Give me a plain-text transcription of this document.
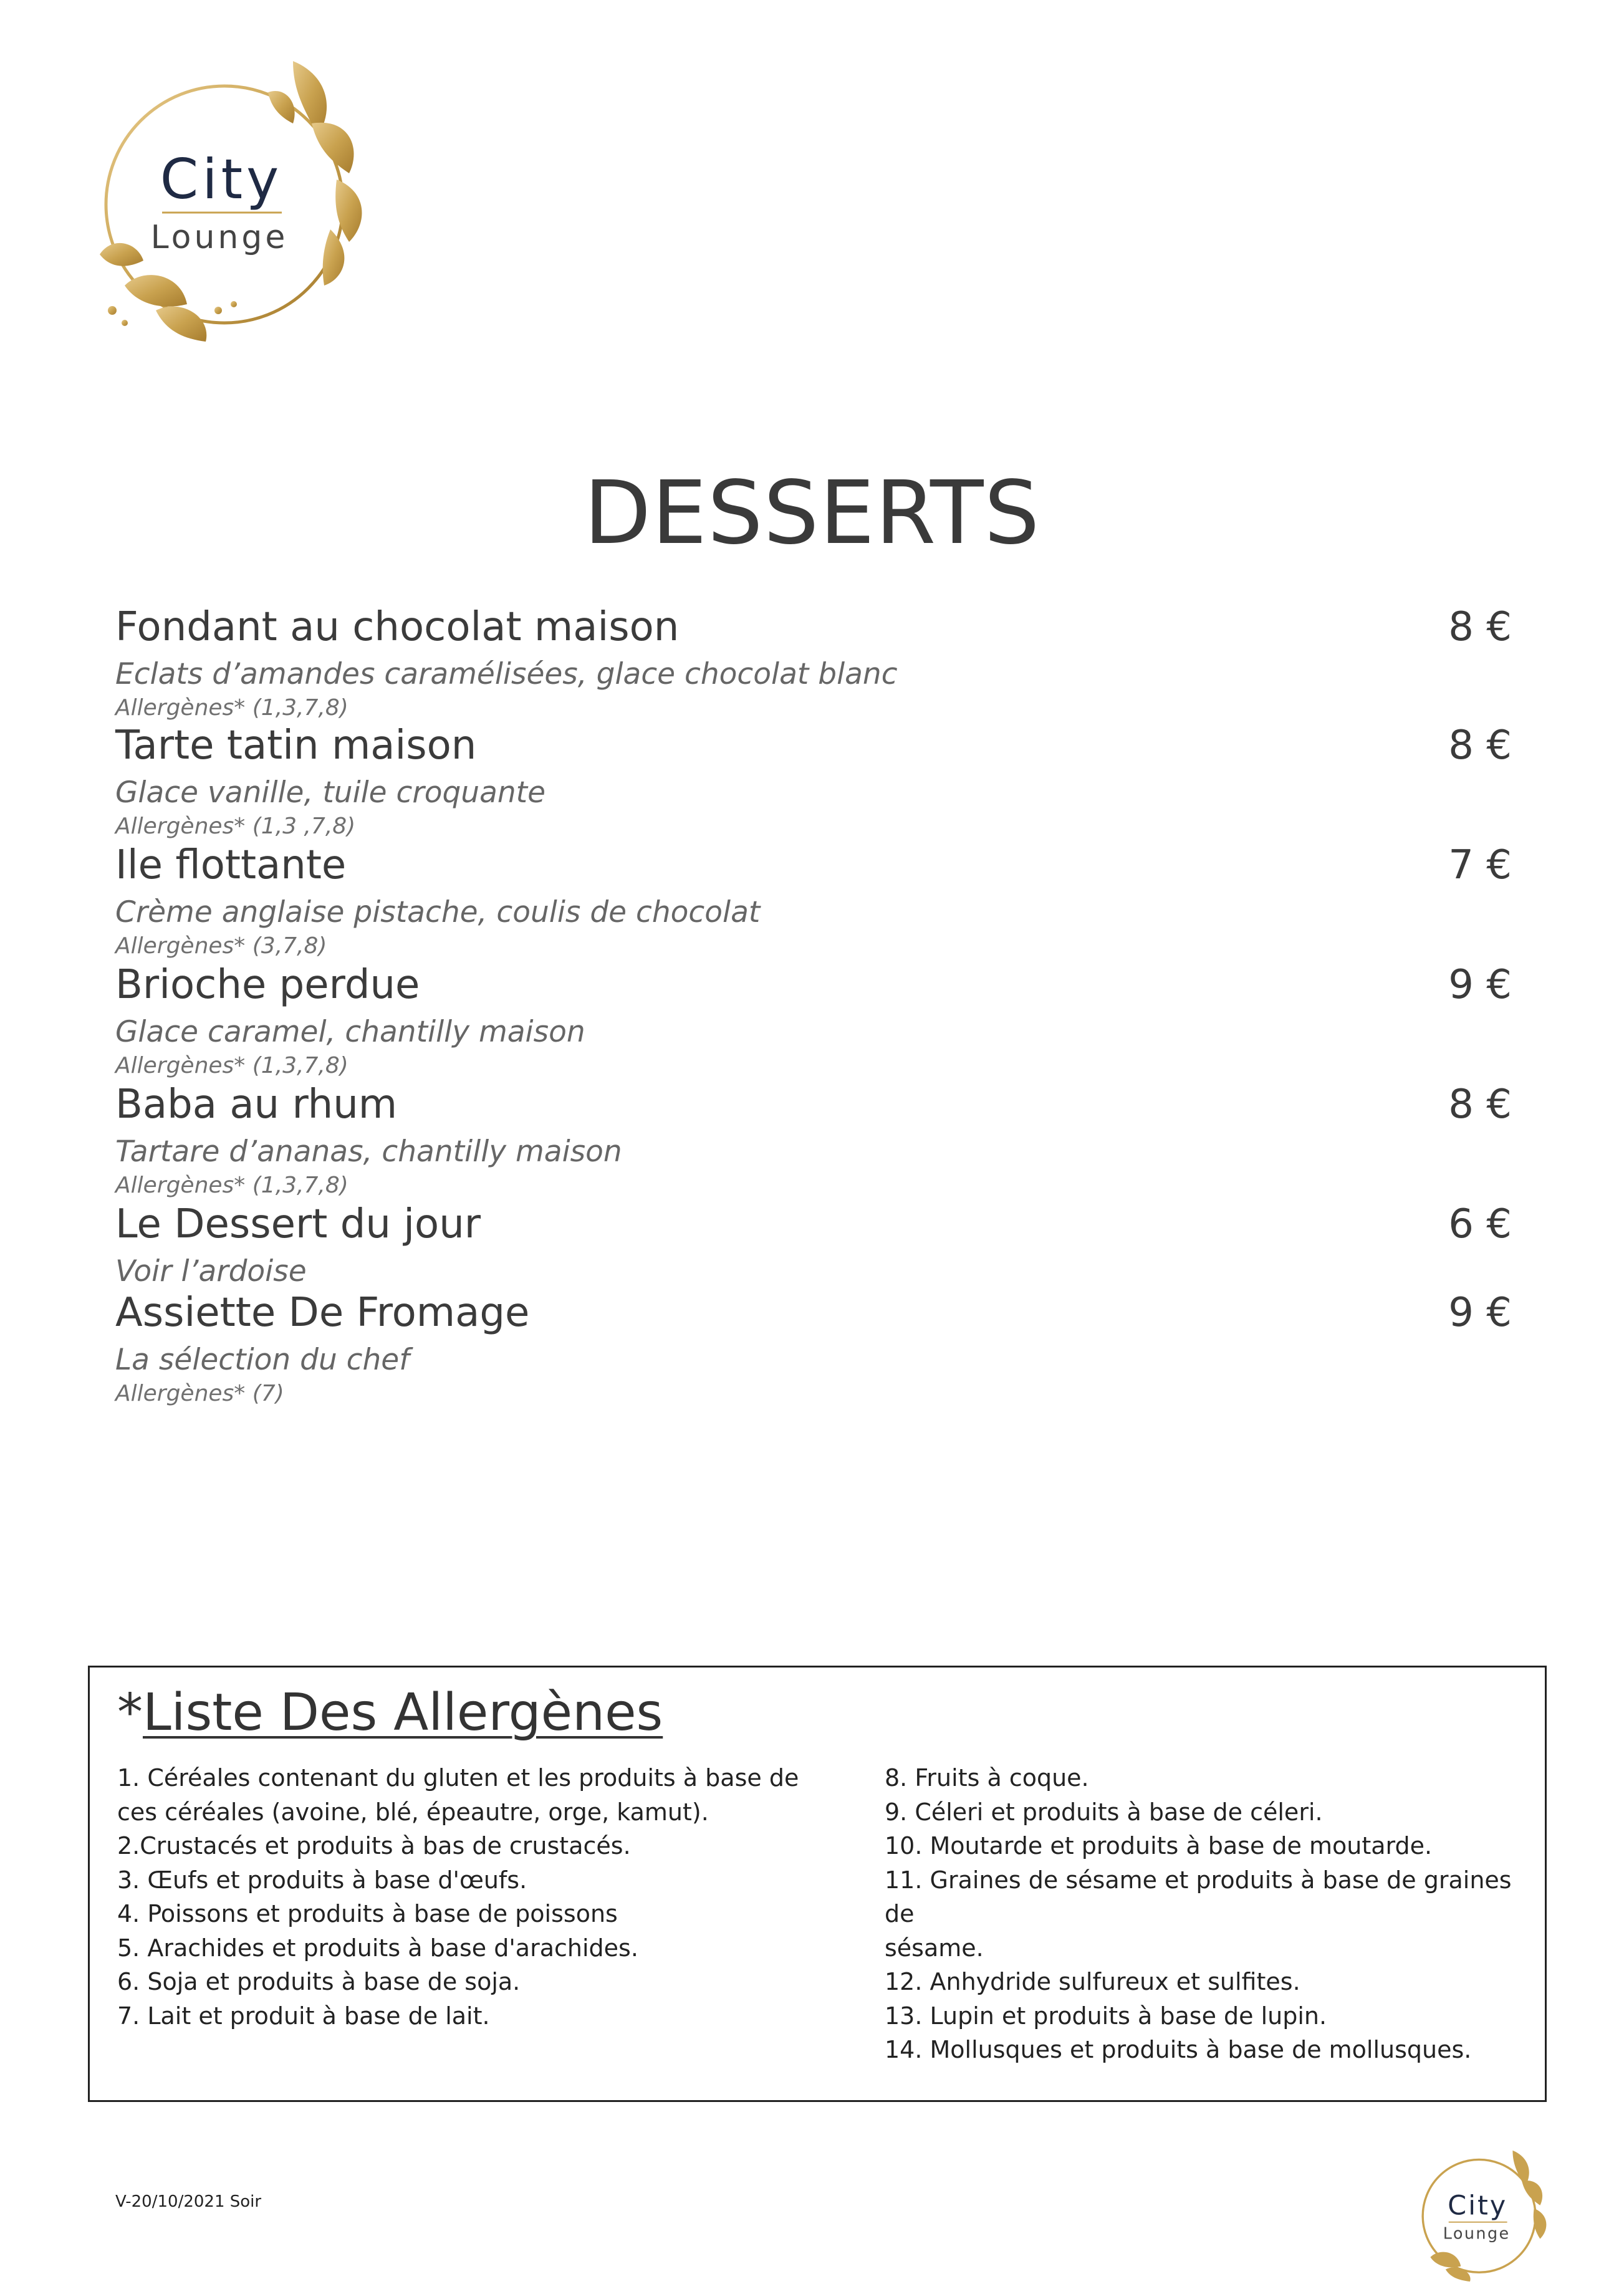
City
Lounge
DESSERTS
Fondant au chocolat maison	8 €
Eclats d’amandes caramélisées, glace chocolat blanc
Allergènes* (1,3,7,8)
Tarte tatin maison	8 €
Glace vanille, tuile croquante
Allergènes* (1,3 ,7,8)
Ile flottante	7 €
Crème anglaise pistache, coulis de chocolat
Allergènes* (3,7,8)
Brioche perdue	9 €
Glace caramel, chantilly maison
Allergènes* (1,3,7,8)
Baba au rhum	8 €
Tartare d’ananas, chantilly maison
Allergènes* (1,3,7,8)
Le Dessert du jour	6 €
Voir l’ardoise
Assiette De Fromage	9 €
La sélection du chef
Allergènes* (7)
*Liste Des Allergènes
1. Céréales contenant du gluten et les produits à base de
ces céréales (avoine, blé, épeautre, orge, kamut).
2.Crustacés et produits à bas de crustacés.
3. Œufs et produits à base d'œufs.
4. Poissons et produits à base de poissons
5. Arachides et produits à base d'arachides.
6. Soja et produits à base de soja.
7. Lait et produit à base de lait.
8. Fruits à coque.
9. Céleri et produits à base de céleri.
10. Moutarde et produits à base de moutarde.
11. Graines de sésame et produits à base de graines de
sésame.
12. Anhydride sulfureux et sulfites.
13. Lupin et produits à base de lupin.
14. Mollusques et produits à base de mollusques.
V-20/10/2021 Soir	City
Lounge
